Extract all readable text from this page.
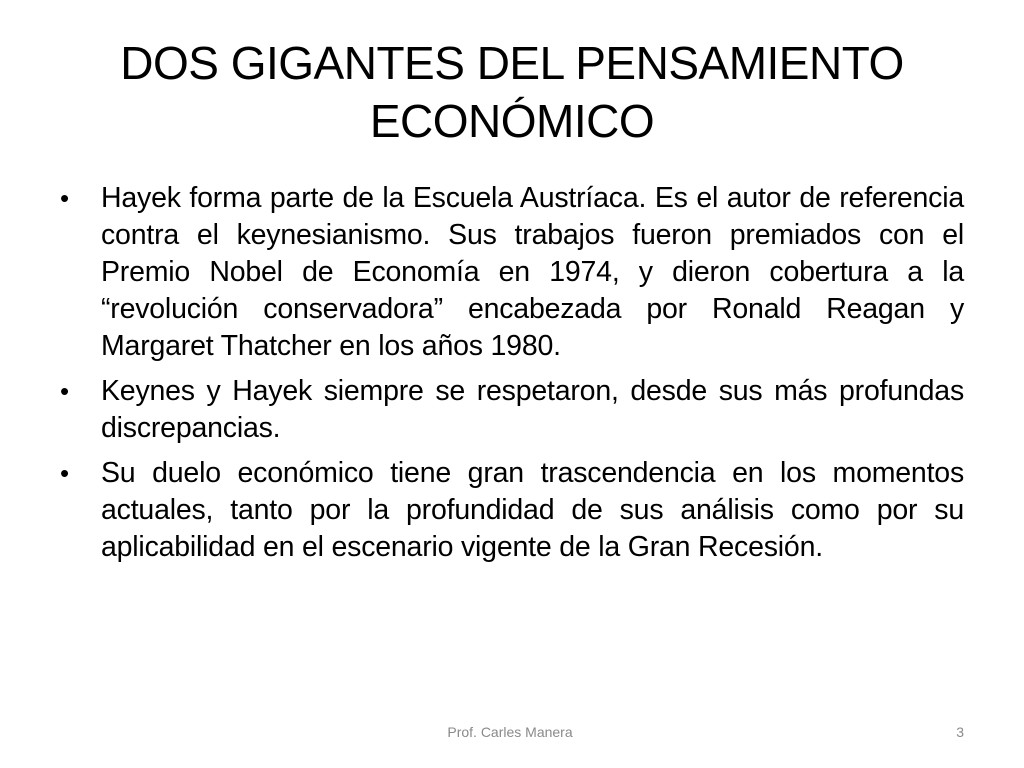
DOS GIGANTES DEL PENSAMIENTO
ECONÓMICO
• Hayek forma parte de la Escuela Austríaca. Es el autor de referencia contra el keynesianismo. Sus trabajos fueron premiados con el Premio Nobel de Economía en 1974, y dieron cobertura a la “revolución conservadora” encabezada por Ronald Reagan y Margaret Thatcher en los años 1980.
• Keynes y Hayek siempre se respetaron, desde sus más profundas discrepancias.
• Su duelo económico tiene gran trascendencia en los momentos actuales, tanto por la profundidad de sus análisis como por su aplicabilidad en el escenario vigente de la Gran Recesión.
Prof. Carles Manera	3
